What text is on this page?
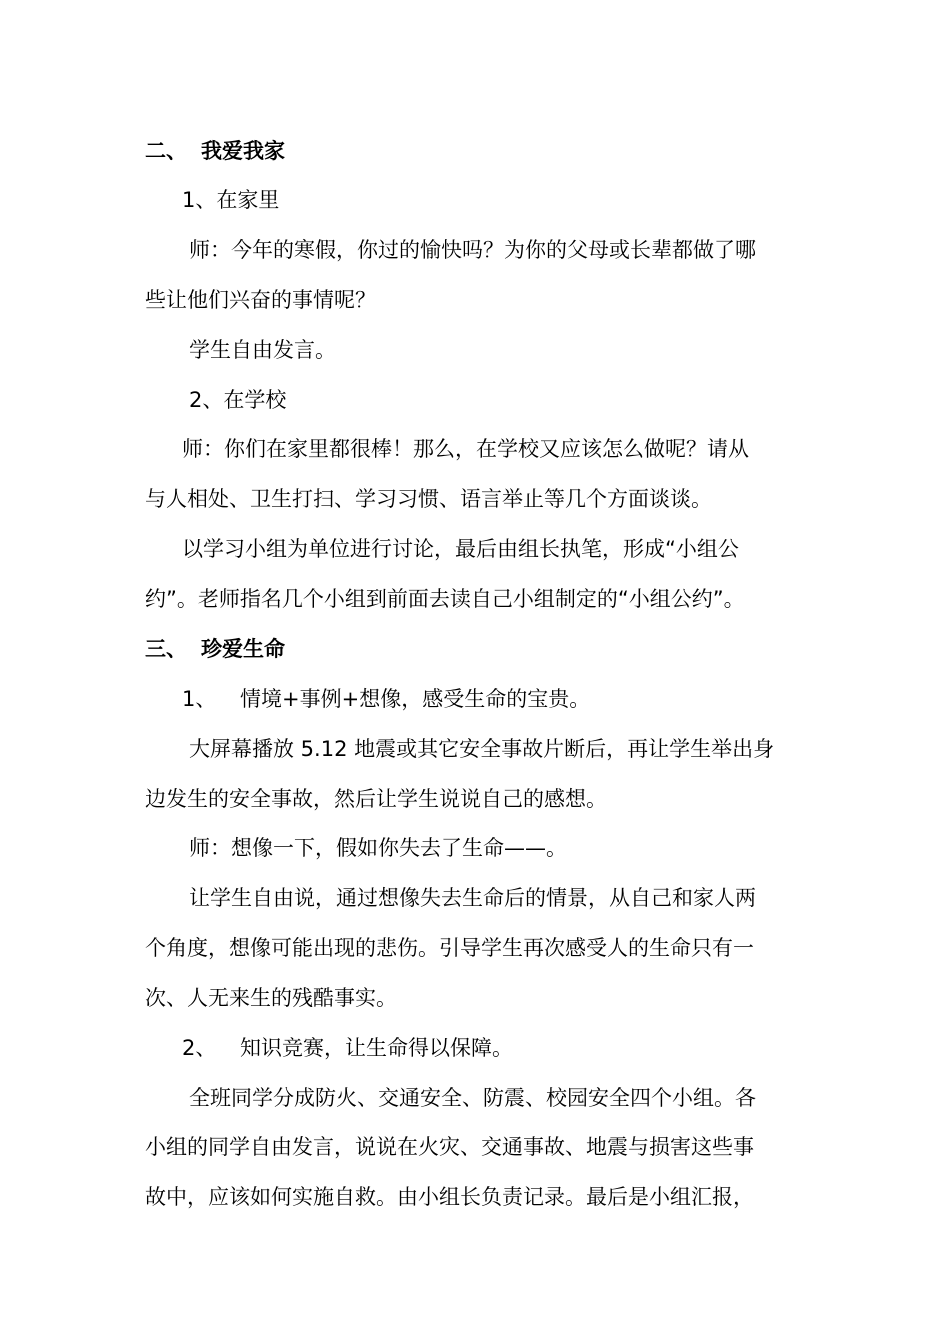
二、 我爱我家
1、在家里
师：今年的寒假，你过的愉快吗？为你的父母或长辈都做了哪
些让他们兴奋的事情呢？
学生自由发言。
2、在学校
师：你们在家里都很棒！那么，在学校又应该怎么做呢？请从
与人相处、卫生打扫、学习习惯、语言举止等几个方面谈谈。
以学习小组为单位进行讨论，最后由组长执笔，形成“小组公
约”。老师指名几个小组到前面去读自己小组制定的“小组公约”。
三、 珍爱生命
1、 情境+事例+想像，感受生命的宝贵。
大屏幕播放 5.12 地震或其它安全事故片断后，再让学生举出身
边发生的安全事故，然后让学生说说自己的感想。
师：想像一下，假如你失去了生命——。
让学生自由说，通过想像失去生命后的情景，从自己和家人两
个角度，想像可能出现的悲伤。引导学生再次感受人的生命只有一
次、人无来生的残酷事实。
2、 知识竞赛，让生命得以保障。
全班同学分成防火、交通安全、防震、校园安全四个小组。各
小组的同学自由发言，说说在火灾、交通事故、地震与损害这些事
故中，应该如何实施自救。由小组长负责记录。最后是小组汇报，
